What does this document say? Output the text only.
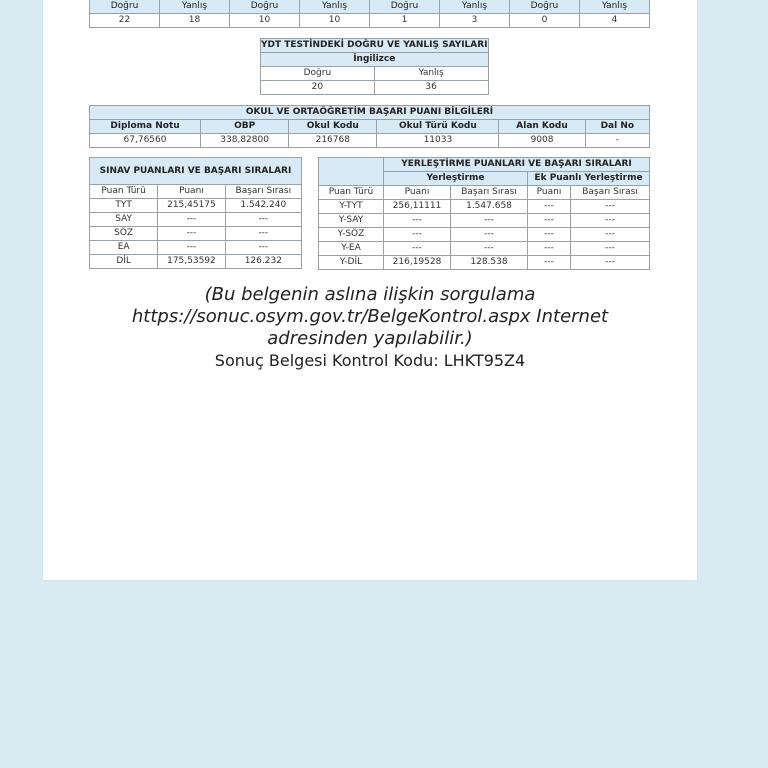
Doğru	Yanlış	Doğru	Yanlış	Doğru	Yanlış	Doğru	Yanlış
22	18	10	10	1	3	0	4
YDT TESTİNDEKİ DOĞRU VE YANLIŞ SAYILARI	
İngilizce	
Doğru	Yanlış
20	36
OKUL VE ORTAÖĞRETİM BAŞARI PUANI BİLGİLERİ					
Diploma Notu	OBP	Okul Kodu	Okul Türü Kodu	Alan Kodu	Dal No
67,76560	338,82800	216768	11033	9008	-
SINAV PUANLARI VE BAŞARI SIRALARI		
Puan Türü	Puanı	Başarı Sırası
TYT	215,45175	1.542.240
SAY	---	---
SÖZ	---	---
EA	---	---
DİL	175,53592	126.232
	YERLEŞTİRME PUANLARI VE BAŞARI SIRALARI			
	Yerleştirme		Ek Puanlı Yerleştirme	
Puan Türü	Puanı	Başarı Sırası	Puanı	Başarı Sırası
Y-TYT	256,11111	1.547.658	---	---
Y-SAY	---	---	---	---
Y-SÖZ	---	---	---	---
Y-EA	---	---	---	---
Y-DİL	216,19528	128.538	---	---
(Bu belgenin aslına ilişkin sorgulama
https://sonuc.osym.gov.tr/BelgeKontrol.aspx Internet
adresinden yapılabilir.)
Sonuç Belgesi Kontrol Kodu: LHKT95Z4
